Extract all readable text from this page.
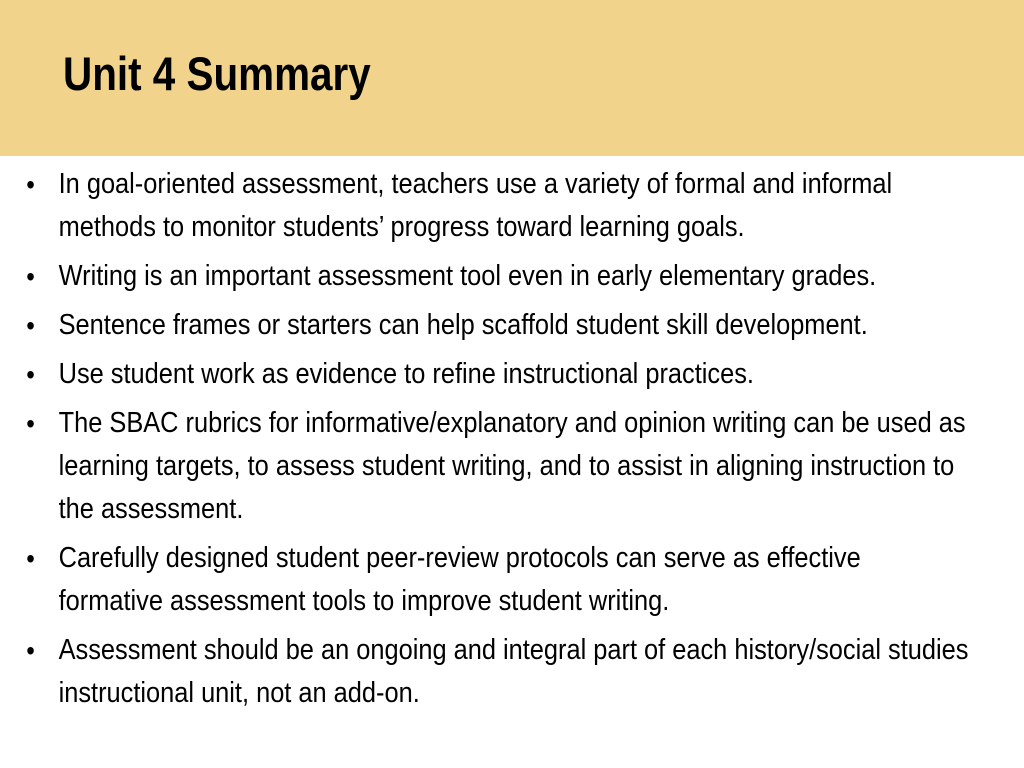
Unit 4 Summary
• In goal-oriented assessment, teachers use a variety of formal and informal methods to monitor students’ progress toward learning goals.
• Writing is an important assessment tool even in early elementary grades.
• Sentence frames or starters can help scaffold student skill development.
• Use student work as evidence to refine instructional practices.
• The SBAC rubrics for informative/explanatory and opinion writing can be used as learning targets, to assess student writing, and to assist in aligning instruction to the assessment.
• Carefully designed student peer-review protocols can serve as effective formative assessment tools to improve student writing.
• Assessment should be an ongoing and integral part of each history/social studies instructional unit, not an add-on.
